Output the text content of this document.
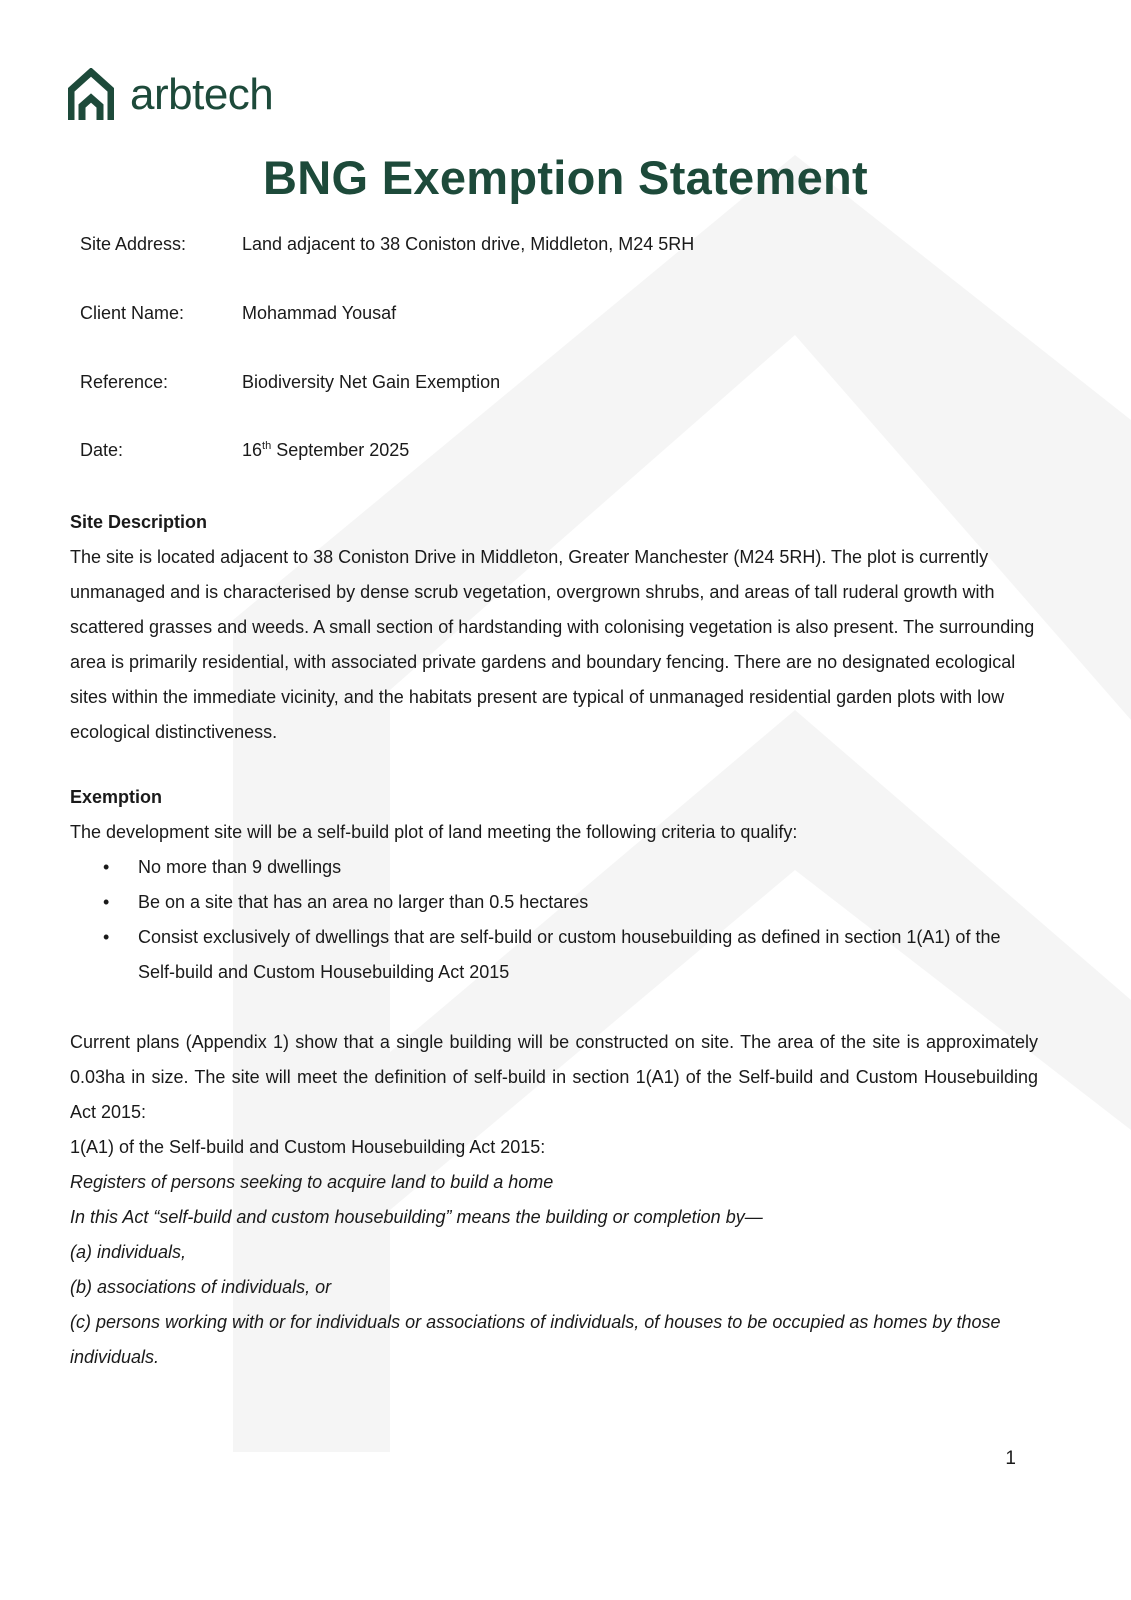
arbtech
BNG Exemption Statement
Site Address:	Land adjacent to 38 Coniston drive, Middleton, M24 5RH
Client Name:	Mohammad Yousaf
Reference:	Biodiversity Net Gain Exemption
Date:	16th September 2025
Site Description
The site is located adjacent to 38 Coniston Drive in Middleton, Greater Manchester (M24 5RH). The plot is currently unmanaged and is characterised by dense scrub vegetation, overgrown shrubs, and areas of tall ruderal growth with scattered grasses and weeds. A small section of hardstanding with colonising vegetation is also present. The surrounding area is primarily residential, with associated private gardens and boundary fencing. There are no designated ecological sites within the immediate vicinity, and the habitats present are typical of unmanaged residential garden plots with low ecological distinctiveness.
Exemption
The development site will be a self-build plot of land meeting the following criteria to qualify:
• No more than 9 dwellings
• Be on a site that has an area no larger than 0.5 hectares
• Consist exclusively of dwellings that are self-build or custom housebuilding as defined in section 1(A1) of the Self-build and Custom Housebuilding Act 2015
Current plans (Appendix 1) show that a single building will be constructed on site. The area of the site is approximately 0.03ha in size. The site will meet the definition of self-build in section 1(A1) of the Self-build and Custom Housebuilding Act 2015:
1(A1) of the Self-build and Custom Housebuilding Act 2015:
Registers of persons seeking to acquire land to build a home
In this Act “self-build and custom housebuilding” means the building or completion by—
(a) individuals,
(b) associations of individuals, or
(c) persons working with or for individuals or associations of individuals, of houses to be occupied as homes by those individuals.
1
